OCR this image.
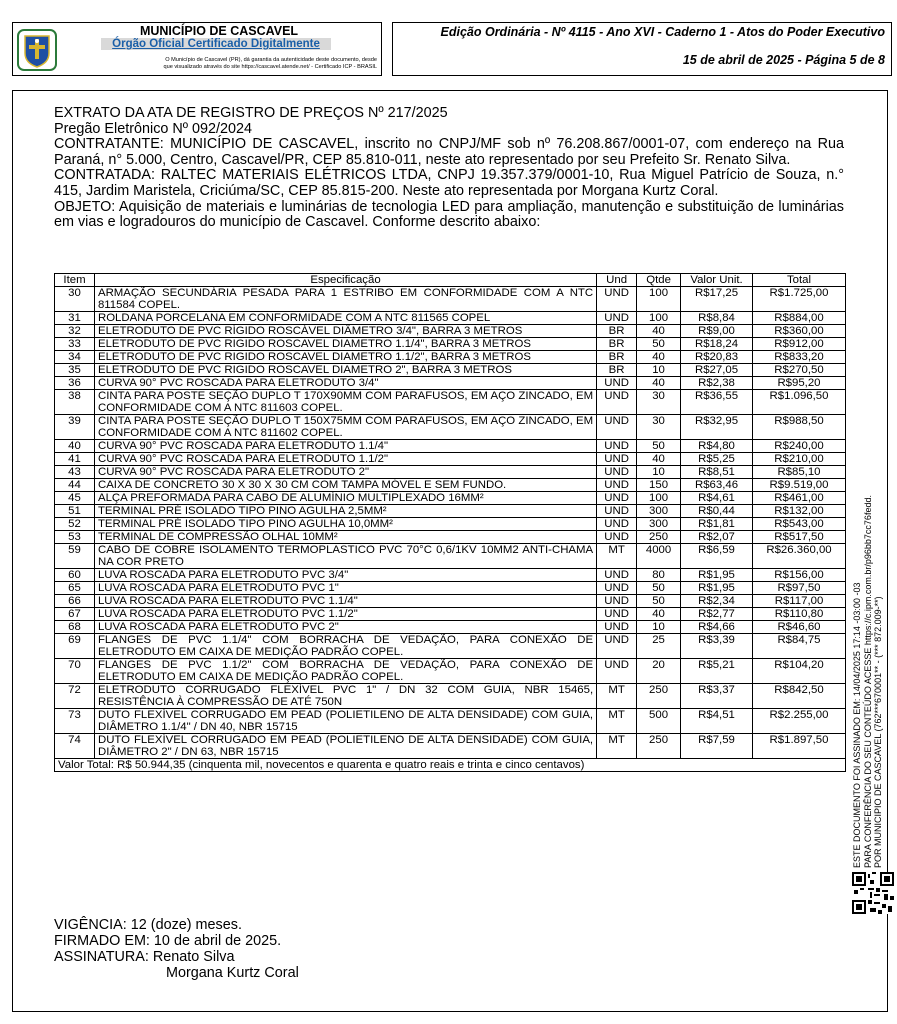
MUNICÍPIO DE CASCAVEL
Órgão Oficial Certificado Digitalmente
O Município de Cascavel (PR), dá garantia da autenticidade deste documento, desde
que visualizado através do site https://cascavel.atende.net/ - Certificado ICP - BRASIL
Edição Ordinária - Nº 4115 - Ano XVI - Caderno 1 - Atos do Poder Executivo
15 de abril de 2025 - Página 5 de 8

EXTRATO DA ATA DE REGISTRO DE PREÇOS Nº 217/2025

Pregão Eletrônico Nº 092/2024

CONTRATANTE: MUNICÍPIO DE CASCAVEL, inscrito no CNPJ/MF sob nº 76.208.867/0001-07, com endereço na Rua Paraná, n° 5.000, Centro, Cascavel/PR, CEP 85.810-011, neste ato representado por seu Prefeito Sr. Renato Silva.

CONTRATADA: RALTEC MATERIAIS ELÉTRICOS LTDA, CNPJ 19.357.379/0001-10, Rua Miguel Patrício de Souza, n.° 415, Jardim Maristela, Criciúma/SC, CEP 85.815-200. Neste ato representada por Morgana Kurtz Coral.

OBJETO: Aquisição de materiais e luminárias de tecnologia LED para ampliação, manutenção e substituição de luminárias em vias e logradouros do município de Cascavel. Conforme descrito abaixo:

Item	Especificação	Und	Qtde	Valor Unit.	Total
30	ARMAÇÃO SECUNDÁRIA PESADA PARA 1 ESTRIBO EM CONFORMIDADE COM A NTC 811584 COPEL.	UND	100	R$17,25	R$1.725,00
31	ROLDANA PORCELANA EM CONFORMIDADE COM A NTC 811565 COPEL	UND	100	R$8,84	R$884,00
32	ELETRODUTO DE PVC RÍGIDO ROSCÁVEL DIÂMETRO 3/4", BARRA 3 METROS	BR	40	R$9,00	R$360,00
33	ELETRODUTO DE PVC RIGIDO ROSCAVEL DIAMETRO 1.1/4", BARRA 3 METROS	BR	50	R$18,24	R$912,00
34	ELETRODUTO DE PVC RIGIDO ROSCAVEL DIAMETRO 1.1/2", BARRA 3 METROS	BR	40	R$20,83	R$833,20
35	ELETRODUTO DE PVC RIGIDO ROSCAVEL DIAMETRO 2", BARRA 3 METROS	BR	10	R$27,05	R$270,50
36	CURVA 90° PVC ROSCADA PARA ELETRODUTO 3/4"	UND	40	R$2,38	R$95,20
38	CINTA PARA POSTE SEÇÃO DUPLO T 170X90MM COM PARAFUSOS, EM AÇO ZINCADO, EM CONFORMIDADE COM A NTC 811603 COPEL.	UND	30	R$36,55	R$1.096,50
39	CINTA PARA POSTE SEÇÃO DUPLO T 150X75MM COM PARAFUSOS, EM AÇO ZINCADO, EM CONFORMIDADE COM A NTC 811602 COPEL.	UND	30	R$32,95	R$988,50
40	CURVA 90° PVC ROSCADA PARA ELETRODUTO 1.1/4"	UND	50	R$4,80	R$240,00
41	CURVA 90° PVC ROSCADA PARA ELETRODUTO 1.1/2"	UND	40	R$5,25	R$210,00
43	CURVA 90° PVC ROSCADA PARA ELETRODUTO 2"	UND	10	R$8,51	R$85,10
44	CAIXA DE CONCRETO 30 X 30 X 30 CM COM TAMPA MÓVEL E SEM FUNDO.	UND	150	R$63,46	R$9.519,00
45	ALÇA PREFORMADA PARA CABO DE ALUMÍNIO MULTIPLEXADO 16MM²	UND	100	R$4,61	R$461,00
51	TERMINAL PRÉ ISOLADO TIPO PINO AGULHA 2,5MM²	UND	300	R$0,44	R$132,00
52	TERMINAL PRÉ ISOLADO TIPO PINO AGULHA 10,0MM²	UND	300	R$1,81	R$543,00
53	TERMINAL DE COMPRESSÃO OLHAL 10MM²	UND	250	R$2,07	R$517,50
59	CABO DE COBRE ISOLAMENTO TERMOPLASTICO PVC 70°C 0,6/1KV 10MM2 ANTI-CHAMA NA COR PRETO	MT	4000	R$6,59	R$26.360,00
60	LUVA ROSCADA PARA ELETRODUTO PVC 3/4"	UND	80	R$1,95	R$156,00
65	LUVA ROSCADA PARA ELETRODUTO PVC 1"	UND	50	R$1,95	R$97,50
66	LUVA ROSCADA PARA ELETRODUTO PVC 1.1/4"	UND	50	R$2,34	R$117,00
67	LUVA ROSCADA PARA ELETRODUTO PVC 1.1/2"	UND	40	R$2,77	R$110,80
68	LUVA ROSCADA PARA ELETRODUTO PVC 2"	UND	10	R$4,66	R$46,60
69	FLANGES DE PVC 1.1/4" COM BORRACHA DE VEDAÇÃO, PARA CONEXÃO DE ELETRODUTO EM CAIXA DE MEDIÇÃO PADRÃO COPEL.	UND	25	R$3,39	R$84,75
70	FLANGES DE PVC 1.1/2" COM BORRACHA DE VEDAÇÃO, PARA CONEXÃO DE ELETRODUTO EM CAIXA DE MEDIÇÃO PADRÃO COPEL.	UND	20	R$5,21	R$104,20
72	ELETRODUTO CORRUGADO FLEXÍVEL PVC 1" / DN 32 COM GUIA, NBR 15465, RESISTÊNCIA À COMPRESSÃO DE ATÉ 750N	MT	250	R$3,37	R$842,50
73	DUTO FLEXÍVEL CORRUGADO EM PEAD (POLIETILENO DE ALTA DENSIDADE) COM GUIA, DIÂMETRO 1.1/4" / DN 40, NBR 15715	MT	500	R$4,51	R$2.255,00
74	DUTO FLEXÍVEL CORRUGADO EM PEAD (POLIETILENO DE ALTA DENSIDADE) COM GUIA, DIÂMETRO 2" / DN 63, NBR 15715	MT	250	R$7,59	R$1.897,50
Valor Total: R$ 50.944,35 (cinquenta mil, novecentos e quarenta e quatro reais e trinta e cinco centavos)					

VIGÊNCIA: 12 (doze) meses.

FIRMADO EM: 10 de abril de 2025.

ASSINATURA: Renato Silva

Morgana Kurtz Coral

ESTE DOCUMENTO FOI ASSINADO EM: 14/04/2025 17:14 -03:00 -03 PARA CONFERÊNCIA DO SEU CONTEÚDO ACESSE https://c.ipm.com.br/p96bb7cc76fedd. POR MUNICIPIO DE CASCAVEL (762***670001** - (*** 872.009-**)
